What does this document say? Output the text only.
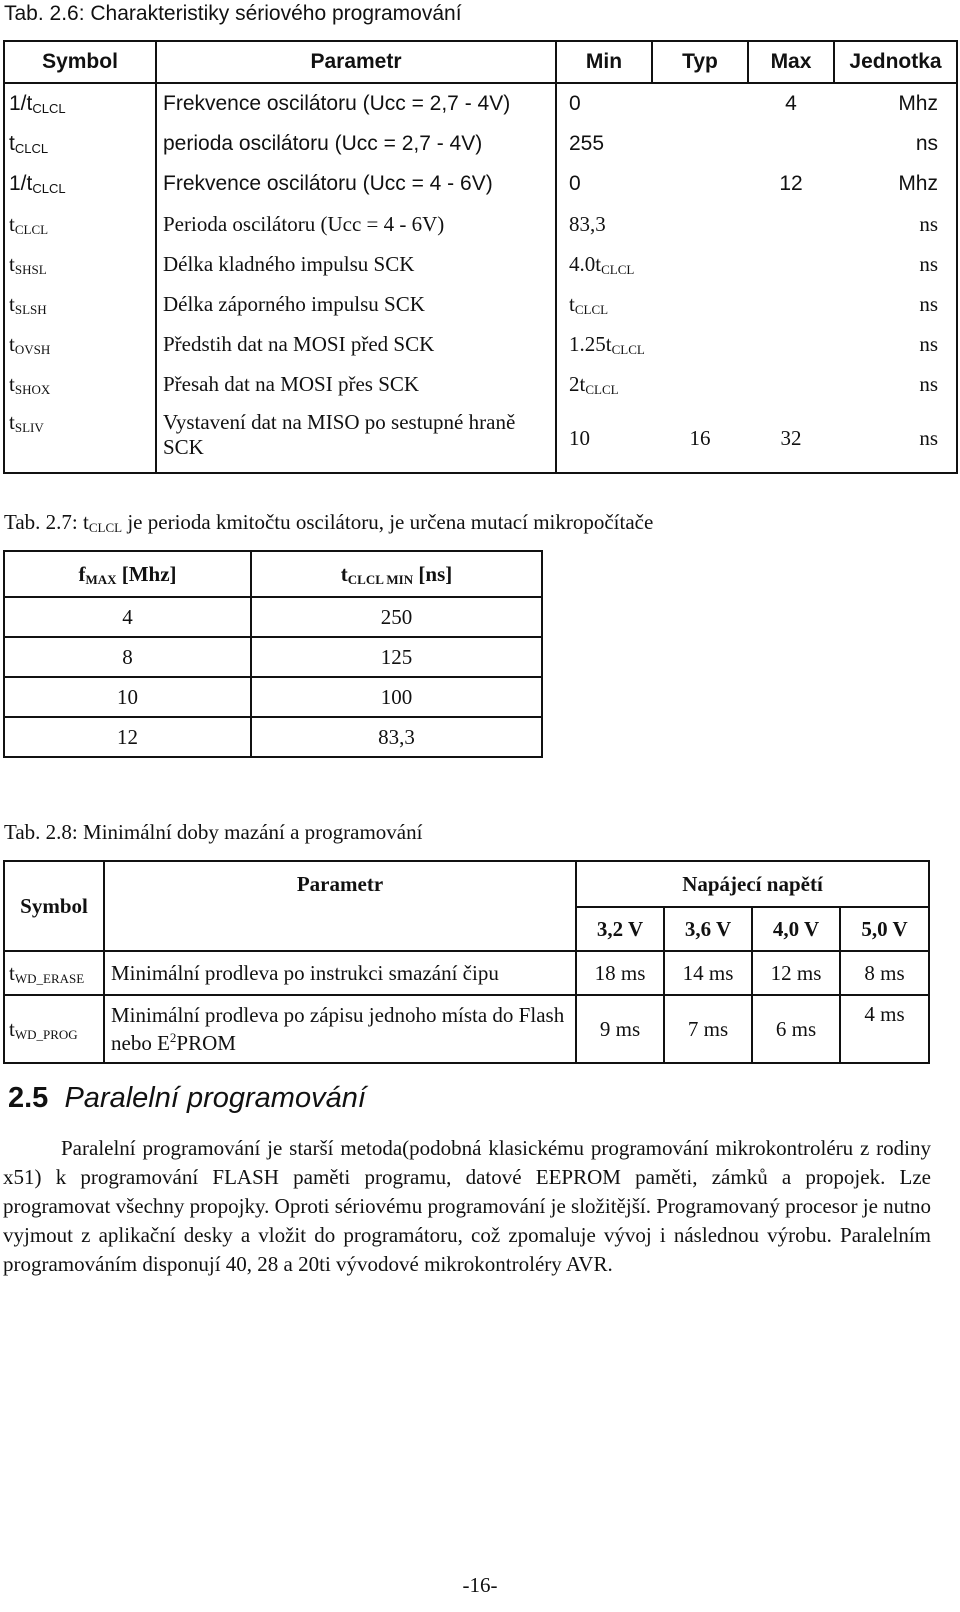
Tab. 2.6: Charakteristiky sériového programování
Symbol	Parametr	Min	Typ	Max	Jednotka
$1/t_{CLCL}$	Frekvence oscilátoru (Ucc = 2,7 - 4V)	0		4	Mhz
$t_{CLCL}$	perioda oscilátoru (Ucc = 2,7 - 4V)	255			ns
$1/t_{CLCL}$	Frekvence oscilátoru (Ucc = 4 - 6V)	0		12	Mhz
$t_{CLCL}$	Perioda oscilátoru (Ucc = 4 - 6V)	83,3			ns
$t_{SHSL}$	Délka kladného impulsu SCK	$4.0t_{CLCL}$			ns
$t_{SLSH}$	Délka záporného impulsu SCK	$t_{CLCL}$			ns
$t_{OVSH}$	Předstih dat na MOSI před SCK	$1.25t_{CLCL}$			ns
$t_{SHOX}$	Přesah dat na MOSI přes SCK	$2t_{CLCL}$			ns
$t_{SLIV}$	Vystavení dat na MISO po sestupné hraně SCK	10	16	32	ns
Tab. 2.7: $t_{CLCL}$ je perioda kmitočtu oscilátoru, je určena mutací mikropočítače
$f_{MAX}$ [Mhz]	$t_{CLCL MIN}$ [ns]
4	250
8	125
10	100
12	83,3
Tab. 2.8: Minimální doby mazání a programování
Symbol	Parametr	Napájecí napětí			
		3,2 V	3,6 V	4,0 V	5,0 V
$t_{WD\_ERASE}$	Minimální prodleva po instrukci smazání čipu	18 ms	14 ms	12 ms	8 ms
$t_{WD\_PROG}$	Minimální prodleva po zápisu jednoho místa do Flash nebo $E^2PROM$	9 ms	7 ms	6 ms	4 ms
2.5 Paralelní programování

Paralelní programování je starší metoda(podobná klasickému programování mikrokontroléru z rodiny x51) k programování FLASH paměti programu, datové EEPROM paměti, zámků a propojek. Lze programovat všechny propojky. Oproti sériovému programování je složitější. Programovaný procesor je nutno vyjmout z aplikační desky a vložit do programátoru, což zpomaluje vývoj i následnou výrobu. Paralelním programováním disponují 40, 28 a 20ti vývodové mikrokontroléry AVR.

-16-
